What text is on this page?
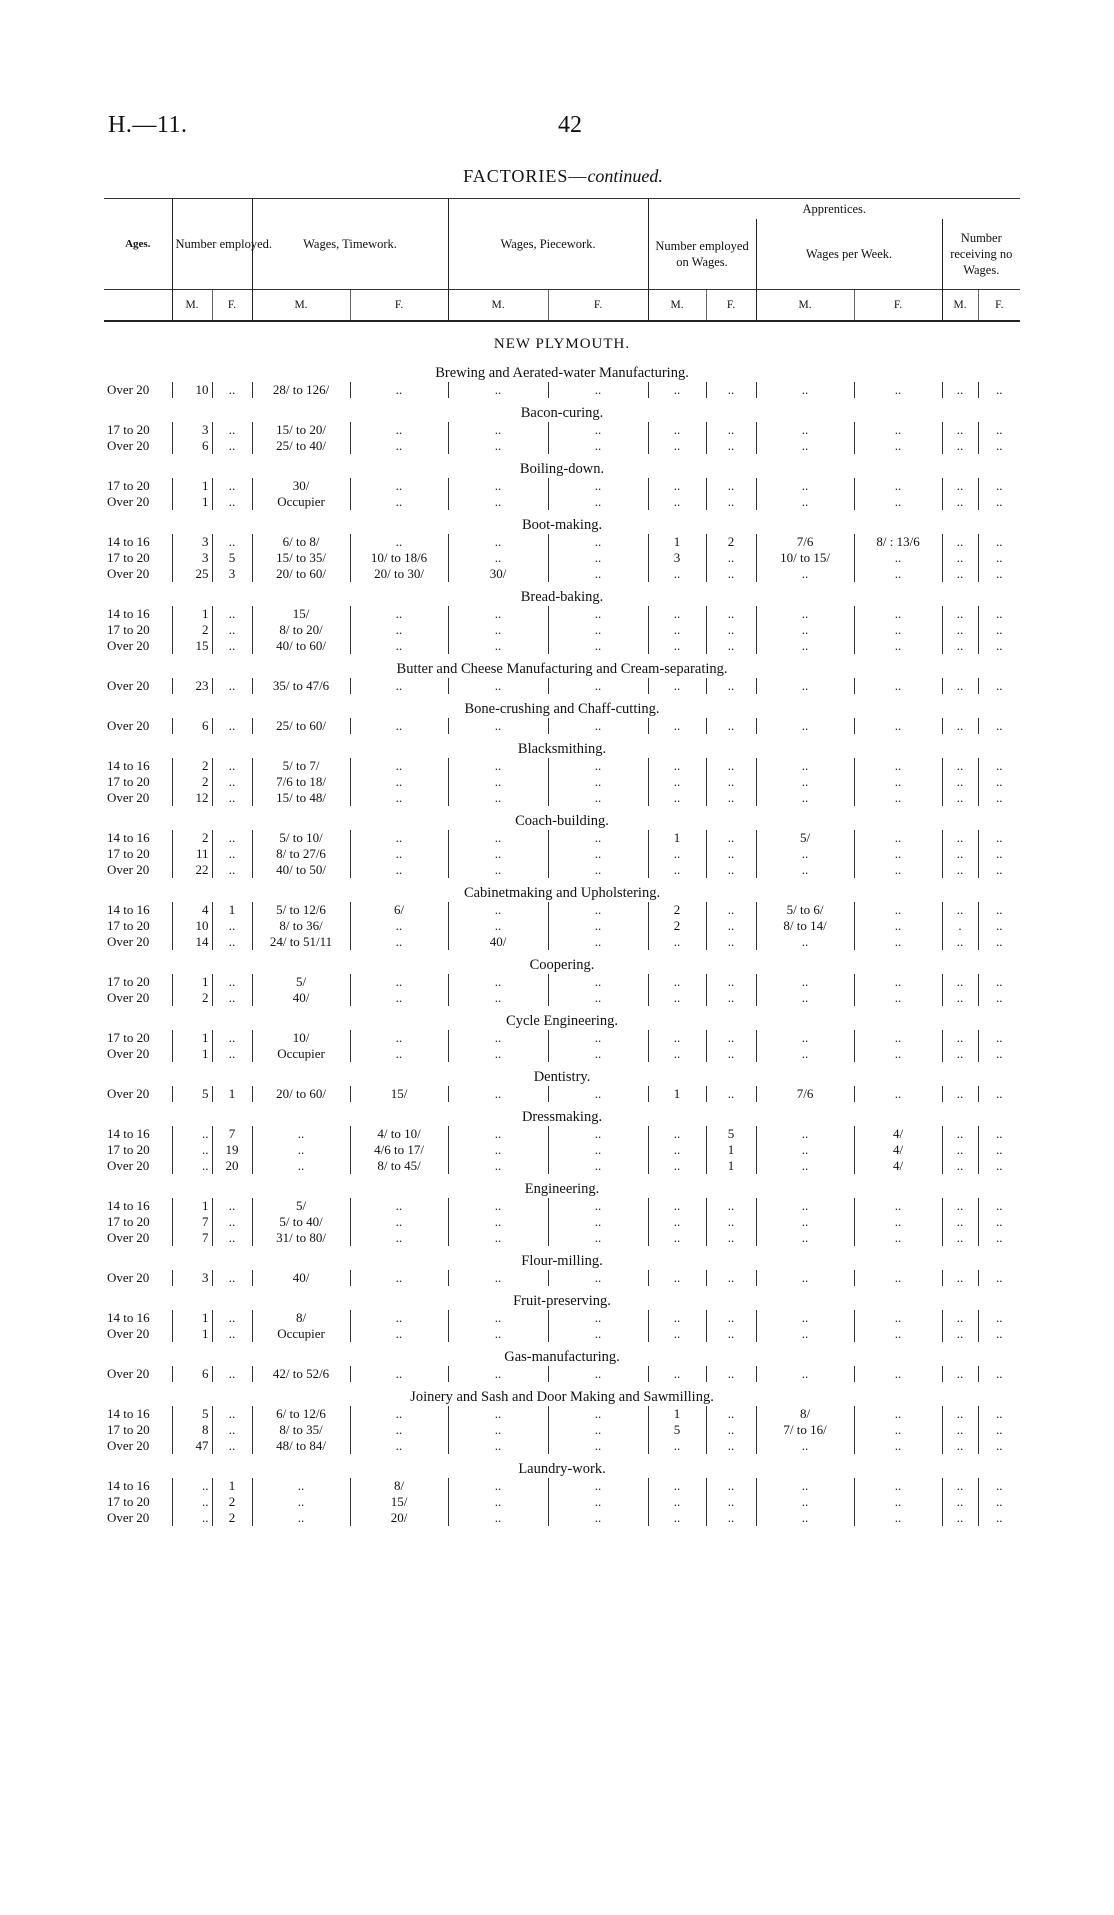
H.—11.	42
FACTORIES—continued.
Ages.	Number employed.		Wages, Timework.		Wages, Piecework.		Apprentices.					
							Number employed on Wages.		Wages per Week.		Number receiving no Wages.	
	M.	F.	M.	F.	M.	F.	M.	F.	M.	F.	M.	F.
NEW PLYMOUTH.												
Brewing and Aerated-water Manufacturing.												
Over 20	10	..	28/ to 126/	..	..	..	..	..	..	..	..	..
Bacon-curing.												
17 to 20	3	..	15/ to 20/	..	..	..	..	..	..	..	..	..
Over 20	6	..	25/ to 40/	..	..	..	..	..	..	..	..	..
Boiling-down.												
17 to 20	1	..	30/	..	..	..	..	..	..	..	..	..
Over 20	1	..	Occupier	..	..	..	..	..	..	..	..	..
Boot-making.												
14 to 16	3	..	6/ to 8/	..	..	..	1	2	7/6	8/ : 13/6	..	..
17 to 20	3	5	15/ to 35/	10/ to 18/6	..	..	3	..	10/ to 15/	..	..	..
Over 20	25	3	20/ to 60/	20/ to 30/	30/	..	..	..	..	..	..	..
Bread-baking.												
14 to 16	1	..	15/	..	..	..	..	..	..	..	..	..
17 to 20	2	..	8/ to 20/	..	..	..	..	..	..	..	..	..
Over 20	15	..	40/ to 60/	..	..	..	..	..	..	..	..	..
Butter and Cheese Manufacturing and Cream-separating.												
Over 20	23	..	35/ to 47/6	..	..	..	..	..	..	..	..	..
Bone-crushing and Chaff-cutting.												
Over 20	6	..	25/ to 60/	..	..	..	..	..	..	..	..	..
Blacksmithing.												
14 to 16	2	..	5/ to 7/	..	..	..	..	..	..	..	..	..
17 to 20	2	..	7/6 to 18/	..	..	..	..	..	..	..	..	..
Over 20	12	..	15/ to 48/	..	..	..	..	..	..	..	..	..
Coach-building.												
14 to 16	2	..	5/ to 10/	..	..	..	1	..	5/	..	..	..
17 to 20	11	..	8/ to 27/6	..	..	..	..	..	..	..	..	..
Over 20	22	..	40/ to 50/	..	..	..	..	..	..	..	..	..
Cabinetmaking and Upholstering.												
14 to 16	4	1	5/ to 12/6	6/	..	..	2	..	5/ to 6/	..	..	..
17 to 20	10	..	8/ to 36/	..	..	..	2	..	8/ to 14/	..	.	..
Over 20	14	..	24/ to 51/11	..	40/	..	..	..	..	..	..	..
Coopering.												
17 to 20	1	..	5/	..	..	..	..	..	..	..	..	..
Over 20	2	..	40/	..	..	..	..	..	..	..	..	..
Cycle Engineering.												
17 to 20	1	..	10/	..	..	..	..	..	..	..	..	..
Over 20	1	..	Occupier	..	..	..	..	..	..	..	..	..
Dentistry.												
Over 20	5	1	20/ to 60/	15/	..	..	1	..	7/6	..	..	..
Dressmaking.												
14 to 16	..	7	..	4/ to 10/	..	..	..	5	..	4/	..	..
17 to 20	..	19	..	4/6 to 17/	..	..	..	1	..	4/	..	..
Over 20	..	20	..	8/ to 45/	..	..	..	1	..	4/	..	..
Engineering.												
14 to 16	1	..	5/	..	..	..	..	..	..	..	..	..
17 to 20	7	..	5/ to 40/	..	..	..	..	..	..	..	..	..
Over 20	7	..	31/ to 80/	..	..	..	..	..	..	..	..	..
Flour-milling.												
Over 20	3	..	40/	..	..	..	..	..	..	..	..	..
Fruit-preserving.												
14 to 16	1	..	8/	..	..	..	..	..	..	..	..	..
Over 20	1	..	Occupier	..	..	..	..	..	..	..	..	..
Gas-manufacturing.												
Over 20	6	..	42/ to 52/6	..	..	..	..	..	..	..	..	..
Joinery and Sash and Door Making and Sawmilling.												
14 to 16	5	..	6/ to 12/6	..	..	..	1	..	8/	..	..	..
17 to 20	8	..	8/ to 35/	..	..	..	5	..	7/ to 16/	..	..	..
Over 20	47	..	48/ to 84/	..	..	..	..	..	..	..	..	..
Laundry-work.												
14 to 16	..	1	..	8/	..	..	..	..	..	..	..	..
17 to 20	..	2	..	15/	..	..	..	..	..	..	..	..
Over 20	..	2	..	20/	..	..	..	..	..	..	..	..
